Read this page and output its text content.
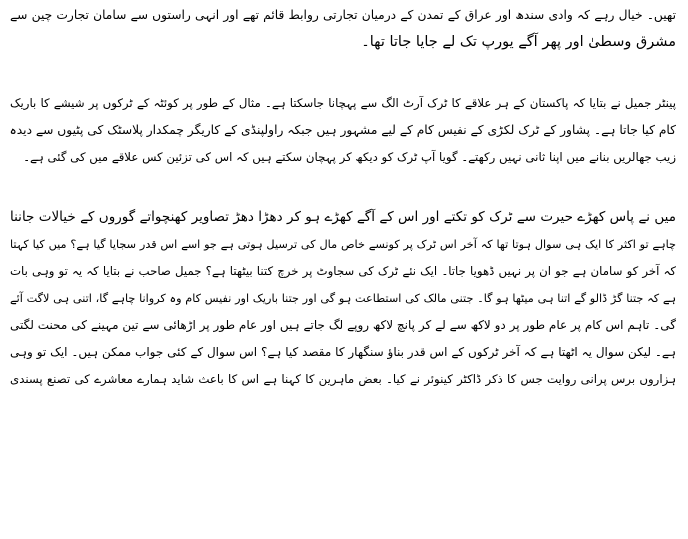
تھیں۔ خیال رہے کہ وادی سندھ اور عراق کے تمدن کے درمیان تجارتی روابط قائم تھے اور انہی راستوں سے سامان تجارت چین سے
مشرق وسطیٰ اور پھر آگے یورپ تک لے جایا جاتا تھا۔
پینٹر جمیل نے بتایا کہ پاکستان کے ہر علاقے کا ٹرک آرٹ الگ سے پہچانا جاسکتا ہے۔ مثال کے طور پر کوئٹہ کے ٹرکوں پر شیشے کا باریک
کام کیا جاتا ہے۔ پشاور کے ٹرک لکڑی کے نفیس کام کے لیے مشہور ہیں جبکہ راولپنڈی کے کاریگر چمکدار پلاسٹک کی پٹیوں سے دیدہ
زیب جھالریں بنانے میں اپنا ثانی نہیں رکھتے۔ گویا آپ ٹرک کو دیکھ کر پہچان سکتے ہیں کہ اس کی تزئین کس علاقے میں کی گئی ہے۔
میں نے پاس کھڑے حیرت سے ٹرک کو تکتے اور اس کے آگے کھڑے ہو کر دھڑا دھڑ تصاویر کھنچواتے گوروں کے خیالات جاننا
چاہے تو اکثر کا ایک ہی سوال ہوتا تھا کہ آخر اس ٹرک پر کونسے خاص مال کی ترسیل ہوتی ہے جو اسے اس قدر سجایا گیا ہے؟ میں کیا کہتا
کہ آخر کو سامان ہے جو ان پر نہیں ڈھویا جاتا۔ ایک نئے ٹرک کی سجاوٹ پر خرچ کتنا بیٹھتا ہے؟ جمیل صاحب نے بتایا کہ یہ تو وہی بات
ہے کہ جتنا گڑ ڈالو گے اتنا ہی میٹھا ہو گا۔ جتنی مالک کی استطاعت ہو گی اور جتنا باریک اور نفیس کام وہ کروانا چاہے گا، اتنی ہی لاگت آئے
گی۔ تاہم اس کام پر عام طور پر دو لاکھ سے لے کر پانچ لاکھ روپے لگ جاتے ہیں اور عام طور پر اڑھائی سے تین مہینے کی محنت لگتی
ہے۔ لیکن سوال یہ اٹھتا ہے کہ آخر ٹرکوں کے اس قدر بناؤ سنگھار کا مقصد کیا ہے؟ اس سوال کے کئی جواب ممکن ہیں۔ ایک تو وہی
ہزاروں برس پرانی روایت جس کا ذکر ڈاکٹر کینوئر نے کیا۔ بعض ماہرین کا کہنا ہے اس کا باعث شاید ہمارے معاشرے کی تصنع پسندی
